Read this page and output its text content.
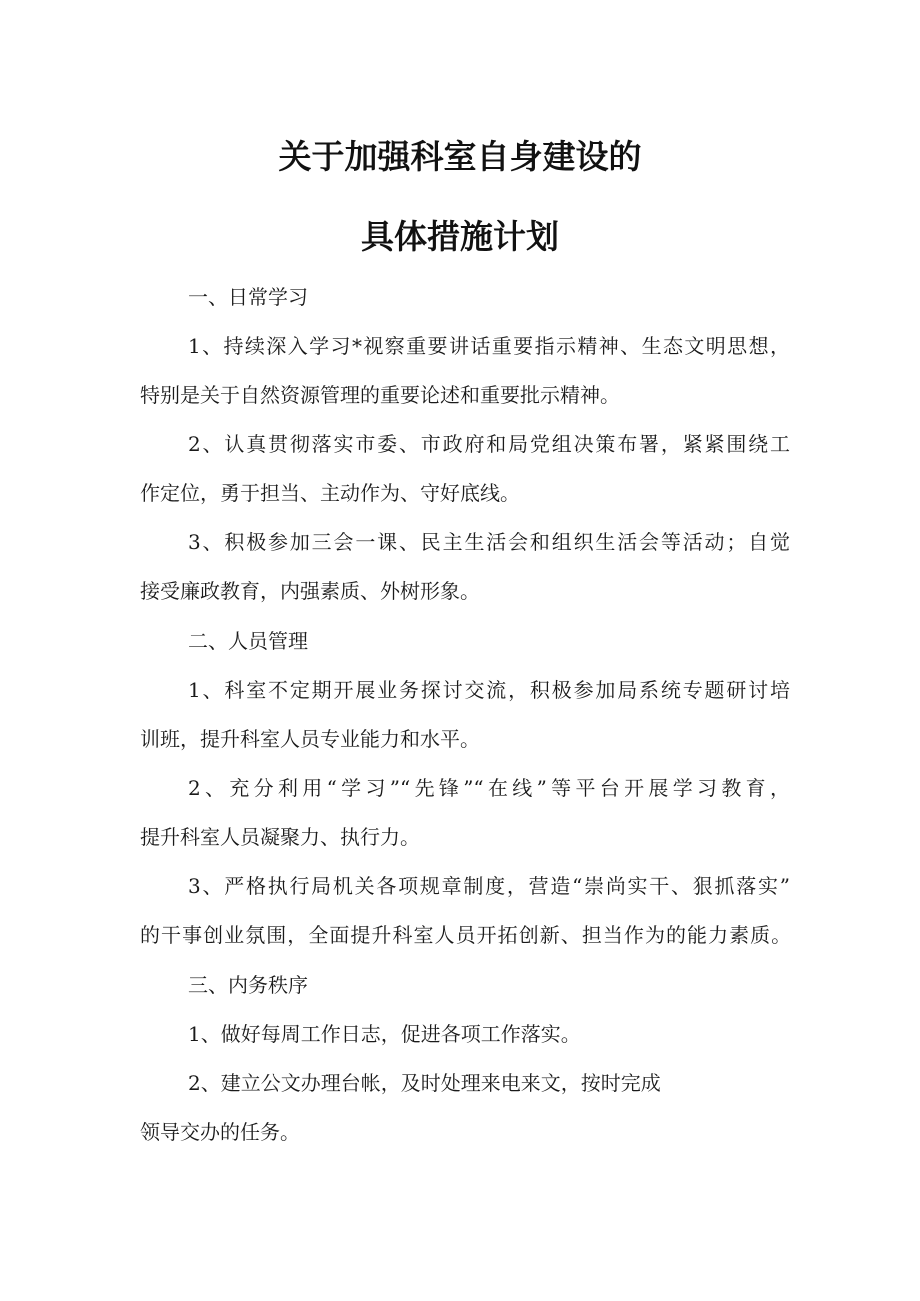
关于加强科室自身建设的
具体措施计划

一、日常学习

1、持续深入学习*视察重要讲话重要指示精神、生态文明思想，
特别是关于自然资源管理的重要论述和重要批示精神。
2、认真贯彻落实市委、市政府和局党组决策布署，紧紧围绕工
作定位，勇于担当、主动作为、守好底线。
3、积极参加三会一课、民主生活会和组织生活会等活动；自觉
接受廉政教育，内强素质、外树形象。

二、人员管理

1、科室不定期开展业务探讨交流，积极参加局系统专题研讨培
训班，提升科室人员专业能力和水平。
2、充分利用“学习”“先锋”“在线”等平台开展学习教育，
提升科室人员凝聚力、执行力。
3、严格执行局机关各项规章制度，营造“崇尚实干、狠抓落实”
的干事创业氛围，全面提升科室人员开拓创新、担当作为的能力素质。

三、内务秩序

1、做好每周工作日志，促进各项工作落实。
2、建立公文办理台帐，及时处理来电来文，按时完成
领导交办的任务。
